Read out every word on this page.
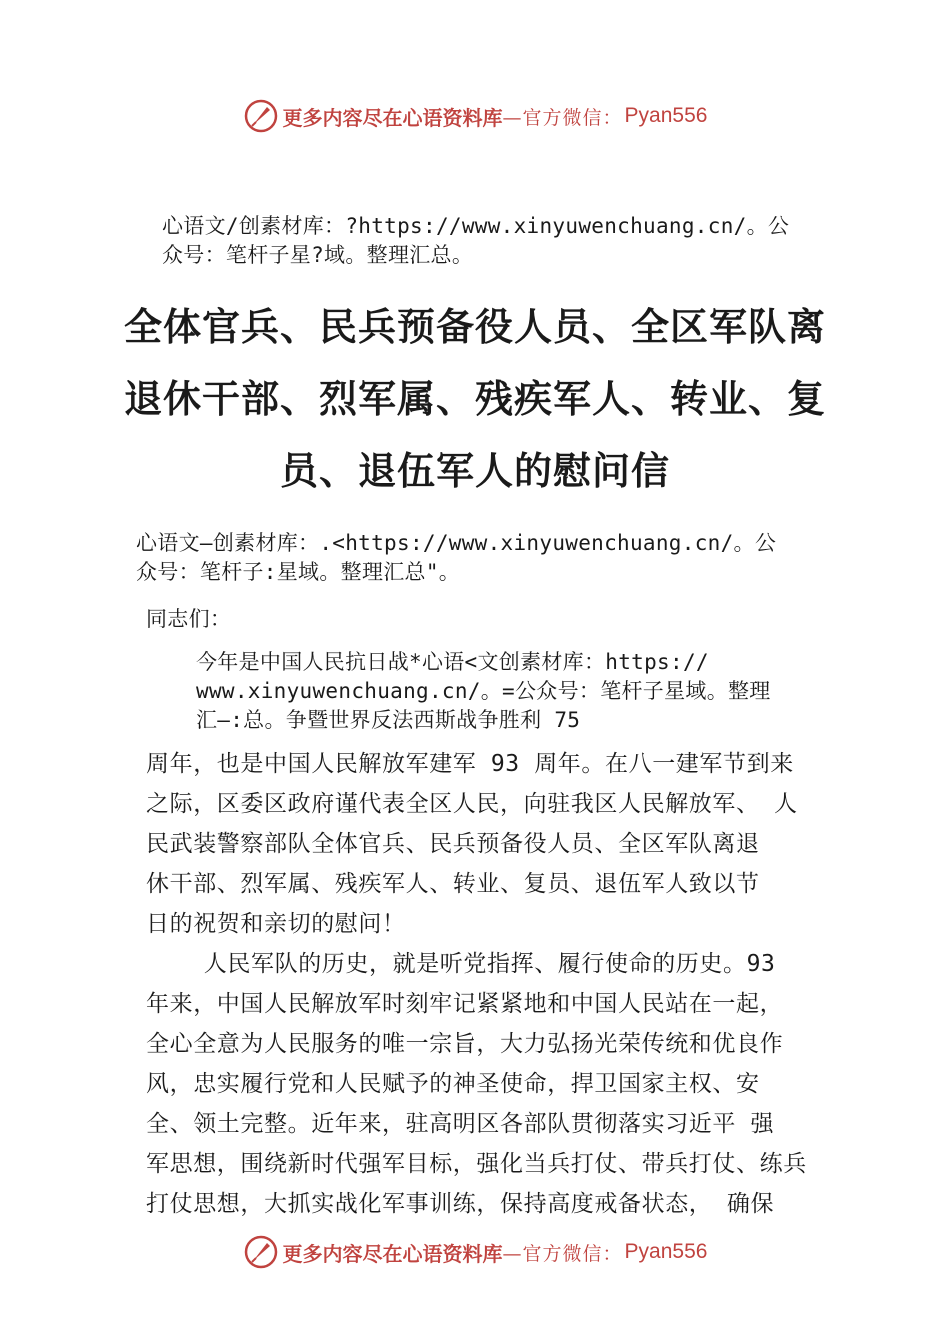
更多内容尽在心语资料库 —官方微信： Pyan556
心语文/创素材库：?https://www.xinyuwenchuang.cn/。公
众号：笔杆子星?域。整理汇总。
全体官兵、民兵预备役人员、全区军队离
退休干部、烈军属、残疾军人、转业、复
员、退伍军人的慰问信
心语文—创素材库：.<https://www.xinyuwenchuang.cn/。公
众号：笔杆子:星域。整理汇总"。
同志们：
今年是中国人民抗日战*心语<文创素材库：https://
www.xinyuwenchuang.cn/。=公众号：笔杆子星域。整理
汇—:总。争暨世界反法西斯战争胜利 75
周年，也是中国人民解放军建军 93 周年。在八一建军节到来
之际，区委区政府谨代表全区人民，向驻我区人民解放军、 人
民武装警察部队全体官兵、民兵预备役人员、全区军队离退
休干部、烈军属、残疾军人、转业、复员、退伍军人致以节
日的祝贺和亲切的慰问！
人民军队的历史，就是听党指挥、履行使命的历史。93
年来，中国人民解放军时刻牢记紧紧地和中国人民站在一起，
全心全意为人民服务的唯一宗旨，大力弘扬光荣传统和优良作
风，忠实履行党和人民赋予的神圣使命，捍卫国家主权、安
全、领土完整。近年来，驻高明区各部队贯彻落实习近平 强
军思想，围绕新时代强军目标，强化当兵打仗、带兵打仗、练兵
打仗思想，大抓实战化军事训练，保持高度戒备状态， 确保
更多内容尽在心语资料库 —官方微信： Pyan556
